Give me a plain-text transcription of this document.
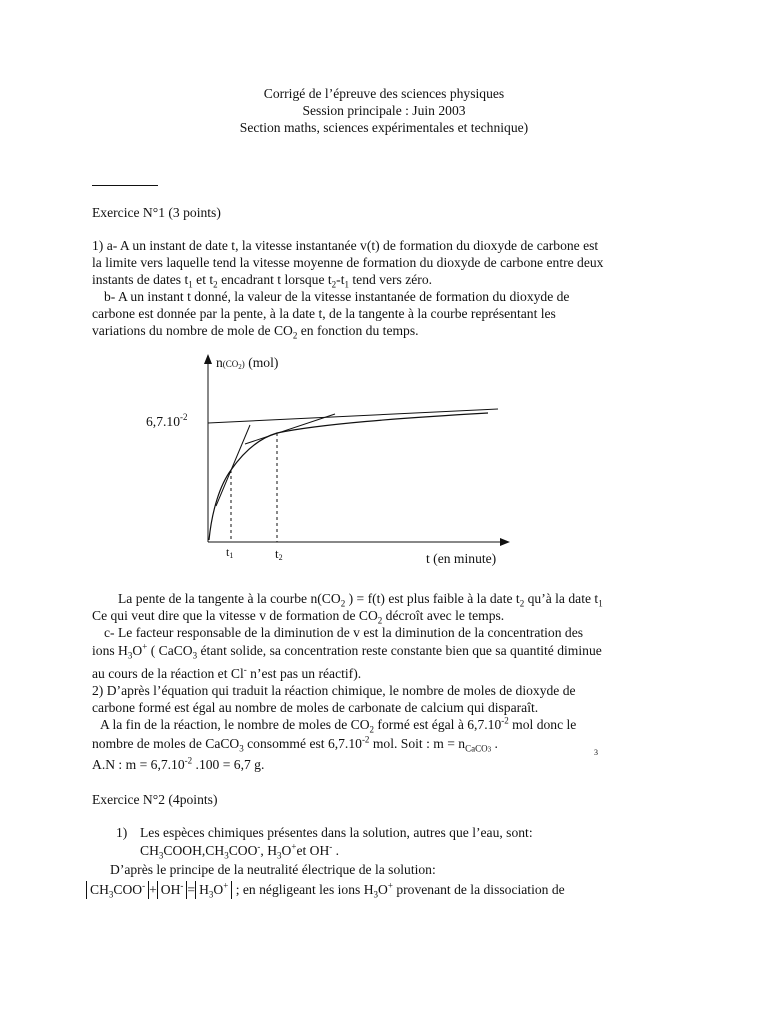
Corrigé de l’épreuve des sciences physiques
Session principale : Juin 2003
Section maths, sciences expérimentales et technique)
Exercice N°1 (3 points)
1) a- A un instant de date t, la vitesse instantanée v(t) de formation du dioxyde de carbone est
la limite vers laquelle tend la vitesse moyenne de formation du dioxyde de carbone entre deux
instants de dates $t_1$ et $t_2$ encadrant t lorsque $t_2-t_1$ tend vers zéro.
b- A un instant t donné, la valeur de la vitesse instantanée de formation du dioxyde de
carbone est donnée par la pente, à la date t, de la tangente à la courbe représentant les
variations du nombre de mole de $CO_2$ en fonction du temps.
n(CO2) (mol)
$6,7.10^{-2}$
t (en minute)
t1	t2
La pente de la tangente à la courbe $n(CO_2$ ) = f(t) est plus faible à la date $t_2$ qu’à la date $t_1$
Ce qui veut dire que la vitesse v de formation de $CO_2$ décroît avec le temps.
c- Le facteur responsable de la diminution de v est la diminution de la concentration des
ions $H_3O^+$ ( CaCO$_3$ étant solide, sa concentration reste constante bien que sa quantité diminue
au cours de la réaction et Cl- n’est pas un réactif).
2) D’après l’équation qui traduit la réaction chimique, le nombre de moles de dioxyde de
carbone formé est égal au nombre de moles de carbonate de calcium qui disparaît.
A la fin de la réaction, le nombre de moles de $CO_2$ formé est égal à $6,7.10^{-2}$ mol donc le
nombre de moles de CaCO$_3$ consommé est $6,7.10^{-2}$ mol. Soit : $m = n_{CaCO3}$ .
3
A.N : $m = 6,7.10^{-2}$ .100 = 6,7 g.
Exercice N°2 (4points)
1) Les espèces chimiques présentes dans la solution, autres que l’eau, sont:
$CH_3COOH,CH_3COO^-$, $H_3O^+et$ OH- .
D’après le principe de la neutralité électrique de la solution:
$CH_3COO^- + OH^- = H_3O^+$ ; en négligeant les ions $H_3O^+$ provenant de la dissociation de
